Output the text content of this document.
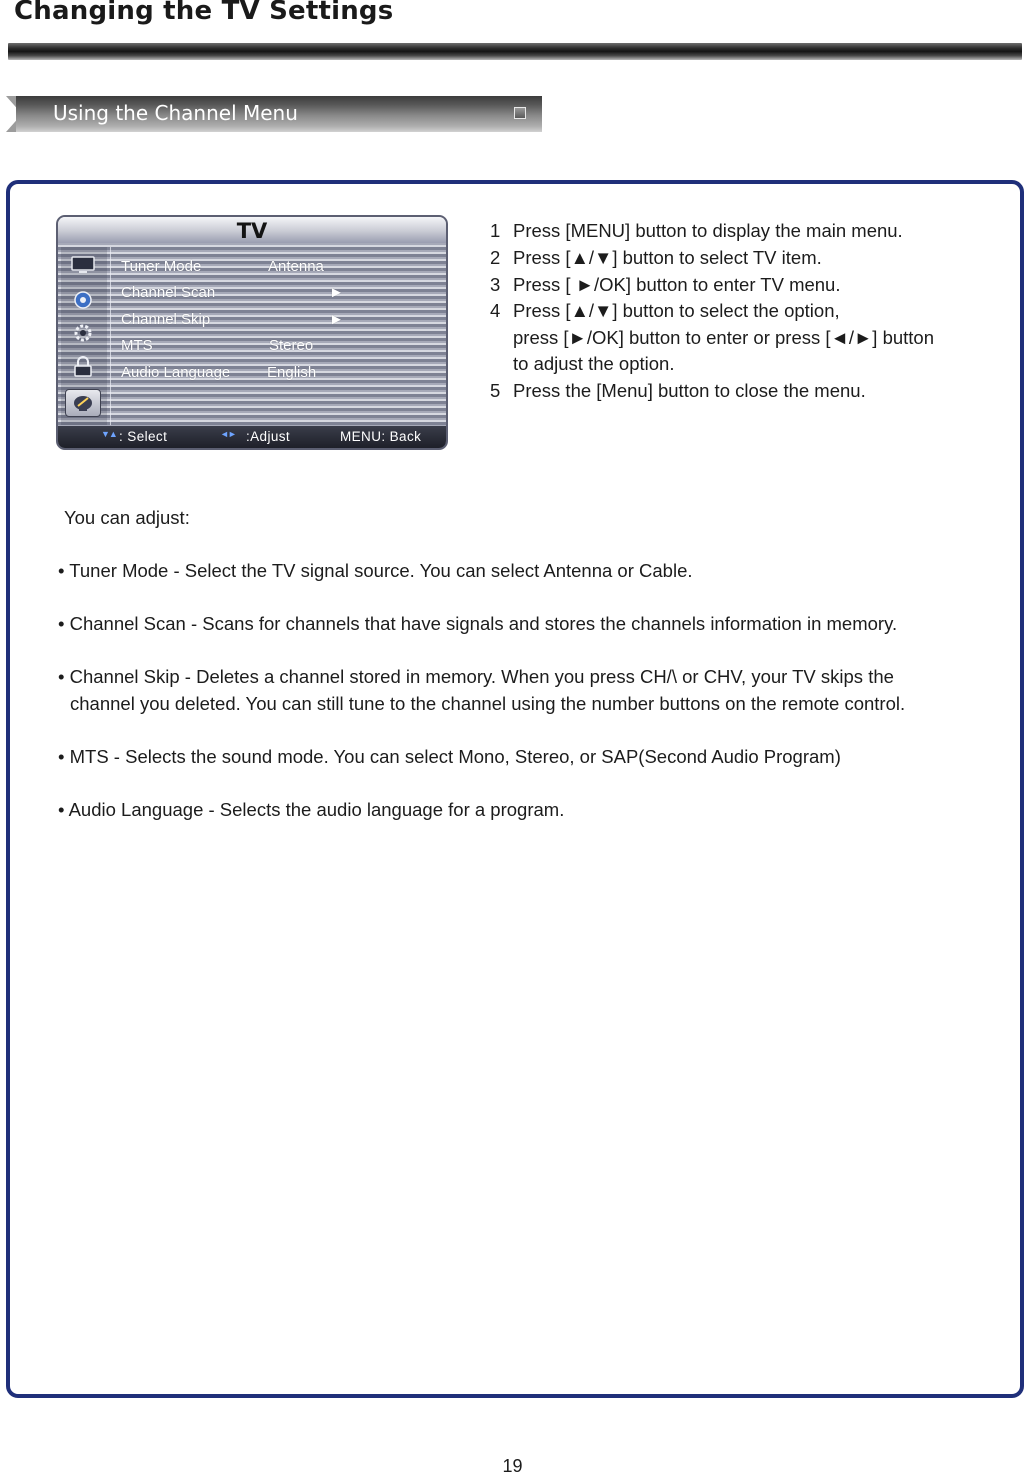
Changing the TV Settings
Using the Channel Menu
TV
Tuner Mode	Antenna
Channel Scan	►
Channel Skip	►
MTS	Stereo
Audio Language English
▼▲ : Select	◄► :Adjust	MENU: Back
1 Press [MENU] button to display the main menu.
2 Press [▲/▼] button to select TV item.
3 Press [ ►/OK] button to enter TV menu.
4 Press [▲/▼] button to select the option,
press [►/OK] button to enter or press [◄/►] button
to adjust the option.
5 Press the [Menu] button to close the menu.
You can adjust:
• Tuner Mode - Select the TV signal source. You can select Antenna or Cable.
• Channel Scan - Scans for channels that have signals and stores the channels information in memory.
• Channel Skip - Deletes a channel stored in memory. When you press CH/\ or CHV, your TV skips the
channel you deleted. You can still tune to the channel using the number buttons on the remote control.
• MTS - Selects the sound mode. You can select Mono, Stereo, or SAP(Second Audio Program)
• Audio Language - Selects the audio language for a program.
19
